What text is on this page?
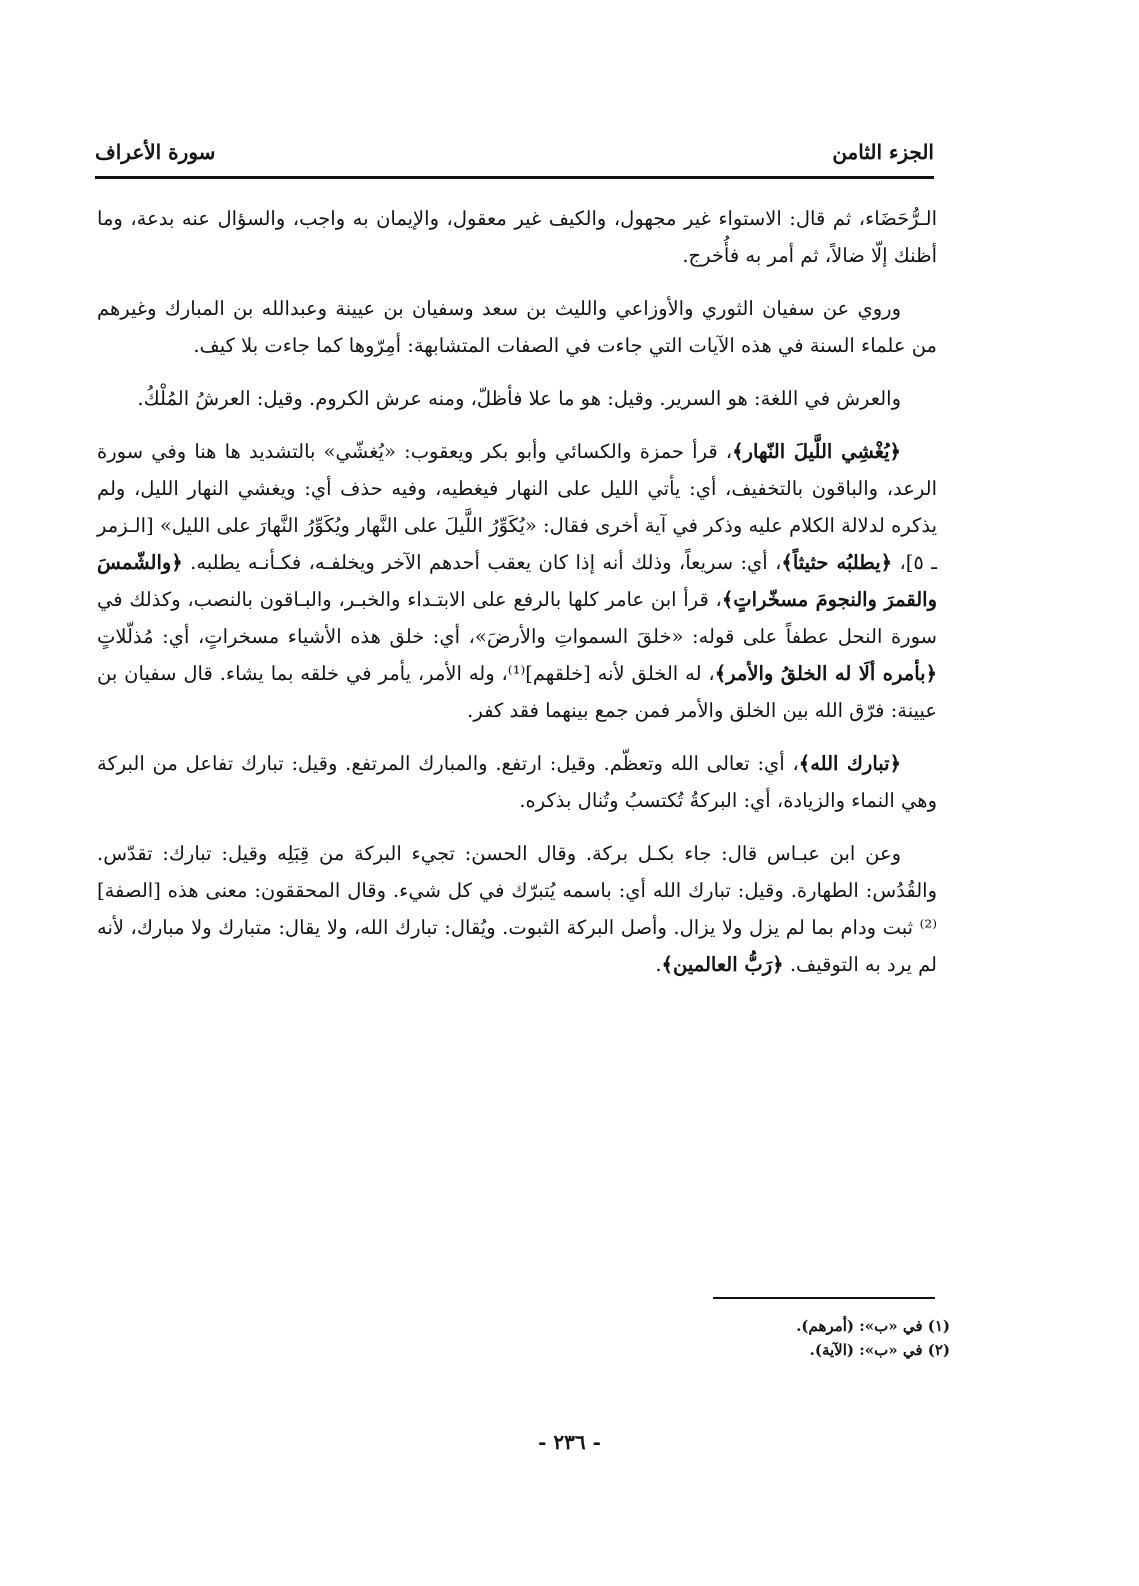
الجزء الثامن
سورة الأعراف

الـرُّحَضَاء، ثم قال: الاستواء غير مجهول، والكيف غير معقول، والإيمان به واجب، والسؤال عنه بدعة، وما أظنك إلّا ضالاً، ثم أمر به فأُخرج.

وروي عن سفيان الثوري والأوزاعي والليث بن سعد وسفيان بن عيينة وعبدالله بن المبارك وغيرهم من علماء السنة في هذه الآيات التي جاءت في الصفات المتشابهة: أمِرّوها كما جاءت بلا كيف.

والعرش في اللغة: هو السرير. وقيل: هو ما علا فأظلّ، ومنه عرش الكروم. وقيل: العرشُ المُلْكُ.

﴿يُغْشِي اللَّيلَ النّهار﴾، قرأ حمزة والكسائي وأبو بكر ويعقوب: «يُغشّي» بالتشديد ها هنا وفي سورة الرعد، والباقون بالتخفيف، أي: يأتي الليل على النهار فيغطيه، وفيه حذف أي: ويغشي النهار الليل، ولم يذكره لدلالة الكلام عليه وذكر في آية أخرى فقال: «يُكَوِّرُ اللَّيلَ على النَّهار ويُكَوِّرُ النَّهارَ على الليل» [الـزمر ـ ٥]، ﴿يطلبُه حثيثاً﴾، أي: سريعاً، وذلك أنه إذا كان يعقب أحدهم الآخر ويخلفـه، فكـأنـه يطلبه. ﴿والشّمسَ والقمرَ والنجومَ مسخّراتٍ﴾، قرأ ابن عامر كلها بالرفع على الابتـداء والخبـر، والبـاقون بالنصب، وكذلك في سورة النحل عطفاً على قوله: «خلقَ السمواتِ والأرضَ»، أي: خلق هذه الأشياء مسخراتٍ، أي: مُذلّلاتٍ ﴿بأمره ألَا له الخلقُ والأمر﴾، له الخلق لأنه [خلقهم]⁽¹⁾، وله الأمر، يأمر في خلقه بما يشاء. قال سفيان بن عيينة: فرّق الله بين الخلق والأمر فمن جمع بينهما فقد كفر.

﴿تبارك الله﴾، أي: تعالى الله وتعظّم. وقيل: ارتفع. والمبارك المرتفع. وقيل: تبارك تفاعل من البركة وهي النماء والزيادة، أي: البركةُ تُكتسبُ وتُنال بذكره.

وعن ابن عبـاس قال: جاء بكـل بركة. وقال الحسن: تجيء البركة من قِبَلِه وقيل: تبارك: تقدّس. والقُدُس: الطهارة. وقيل: تبارك الله أي: باسمه يُتبرّك في كل شيء. وقال المحققون: معنى هذه [الصفة]⁽²⁾ ثبت ودام بما لم يزل ولا يزال. وأصل البركة الثبوت. ويُقال: تبارك الله، ولا يقال: متبارك ولا مبارك، لأنه لم يرد به التوقيف. ﴿رَبُّ العالمين﴾.

(١) في «ب»: (أمرهم).
(٢) في «ب»: (الآية).
- ٢٣٦ -
